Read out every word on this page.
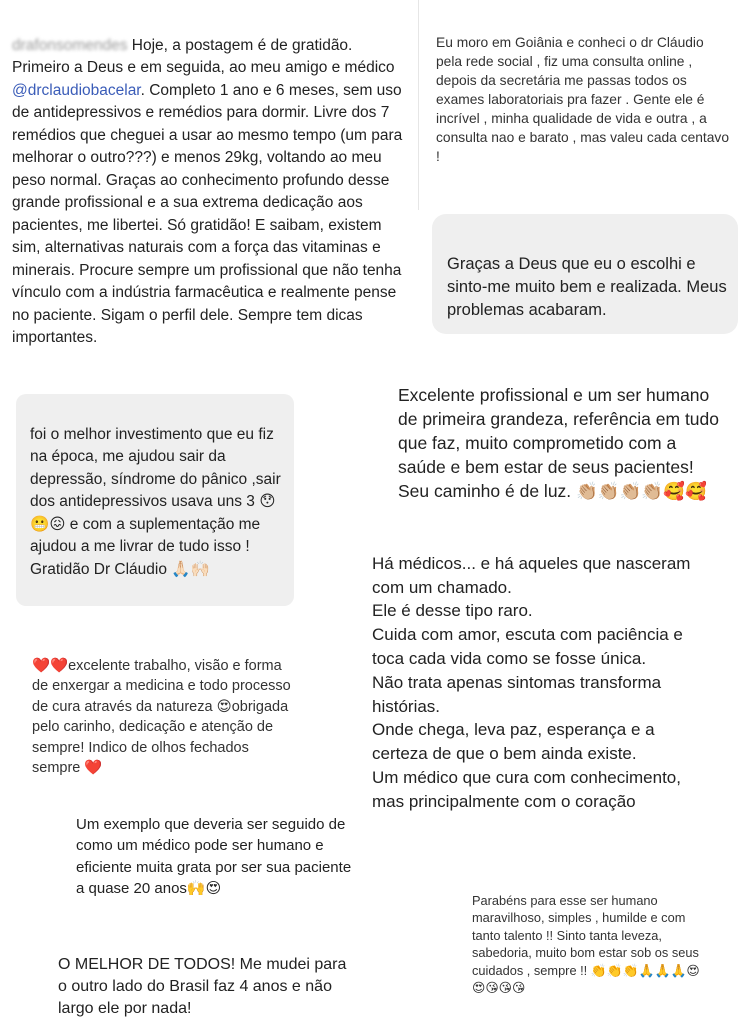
drafonsomendes Hoje, a postagem é de gratidão. Primeiro a Deus e em seguida, ao meu amigo e médico @drclaudiobacelar. Completo 1 ano e 6 meses, sem uso de antidepressivos e remédios para dormir. Livre dos 7 remédios que cheguei a usar ao mesmo tempo (um para melhorar o outro???) e menos 29kg, voltando ao meu peso normal. Graças ao conhecimento profundo desse grande profissional e a sua extrema dedicação aos pacientes, me libertei. Só gratidão! E saibam, existem sim, alternativas naturais com a força das vitaminas e minerais. Procure sempre um profissional que não tenha vínculo com a indústria farmacêutica e realmente pense no paciente. Sigam o perfil dele. Sempre tem dicas importantes.

Eu moro em Goiânia e conheci o dr Cláudio pela rede social , fiz uma consulta online , depois da secretária me passas todos os exames laboratoriais pra fazer . Gente ele é incrível , minha qualidade de vida e outra , a consulta nao e barato , mas valeu cada centavo !

Graças a Deus que eu o escolhi e sinto-me muito bem e realizada. Meus problemas acabaram.

Excelente profissional e um ser humano de primeira grandeza, referência em tudo que faz, muito comprometido com a saúde e bem estar de seus pacientes! Seu caminho é de luz. 👏🏼👏🏼👏🏼👏🏼🥰🥰

foi o melhor investimento que eu fiz na época, me ajudou sair da depressão, síndrome do pânico ,sair dos antidepressivos usava uns 3 😯😬😖 e com a suplementação me ajudou a me livrar de tudo isso !
Gratidão Dr Cláudio 🙏🏻🙌🏻	Há médicos... e há aqueles que nasceram com um chamado.
Ele é desse tipo raro.
Cuida com amor, escuta com paciência e toca cada vida como se fosse única.
Não trata apenas sintomas transforma histórias.
Onde chega, leva paz, esperança e a certeza de que o bem ainda existe.
Um médico que cura com conhecimento, mas principalmente com o coração

❤️❤️excelente trabalho, visão e forma de enxergar a medicina e todo processo de cura através da natureza 😍obrigada pelo carinho, dedicação e atenção de sempre! Indico de olhos fechados sempre ❤️

Um exemplo que deveria ser seguido de como um médico pode ser humano e eficiente muita grata por ser sua paciente a quase 20 anos🙌😍

Parabéns para esse ser humano maravilhoso, simples , humilde e com tanto talento !! Sinto tanta leveza, sabedoria, muito bom estar sob os seus cuidados , sempre !! 👏👏👏🙏🙏🙏😍😍😘😘😘

O MELHOR DE TODOS! Me mudei para o outro lado do Brasil faz 4 anos e não largo ele por nada!
